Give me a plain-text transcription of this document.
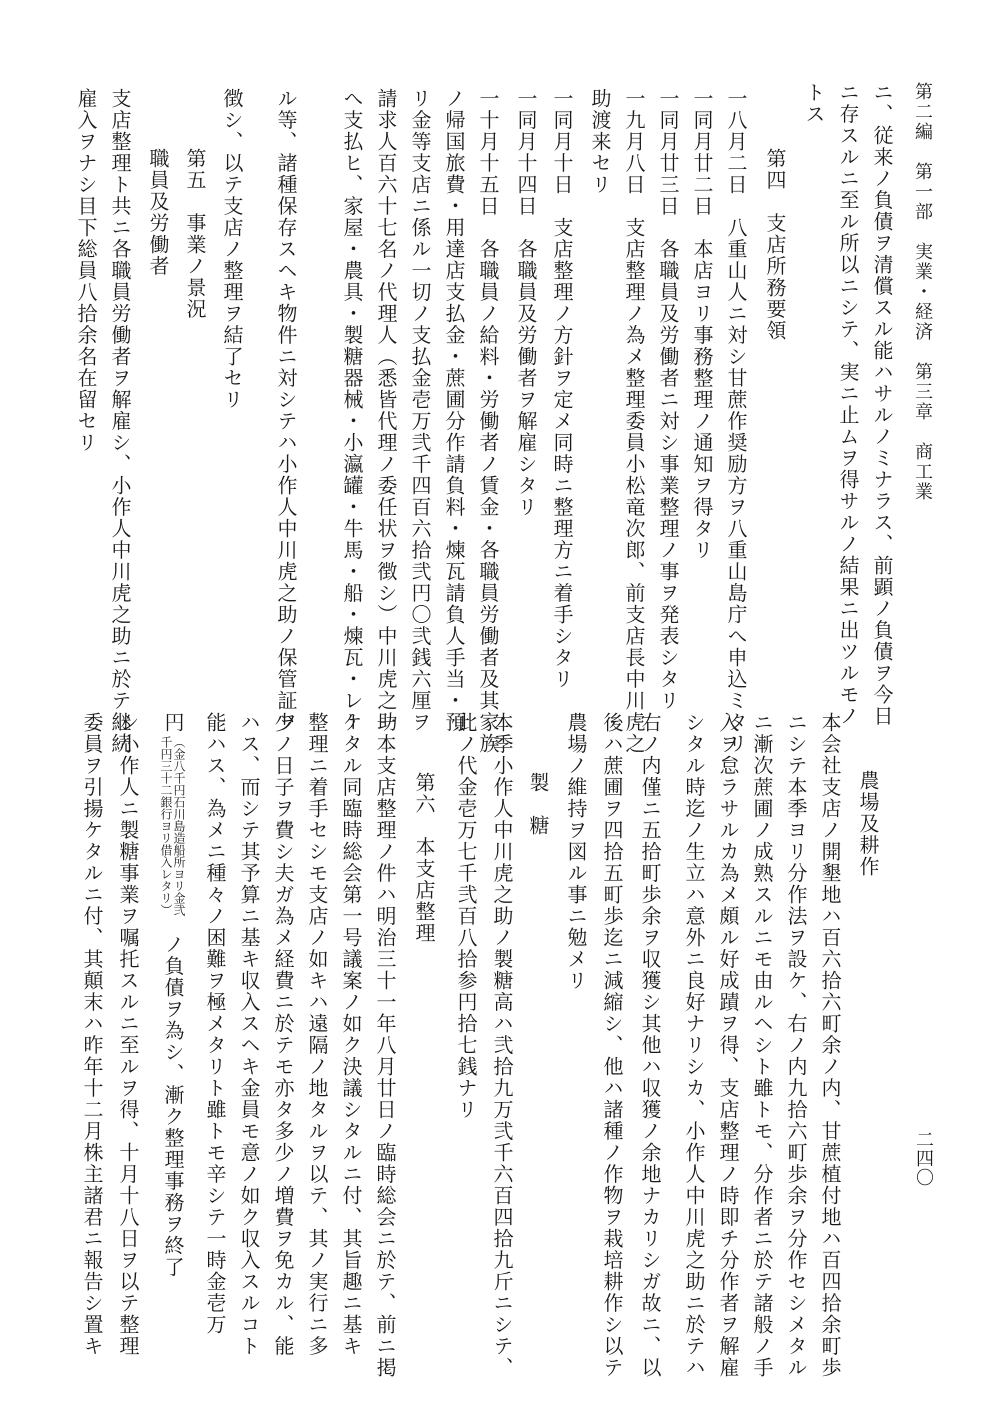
第二編　第一部　実業・経済　第三章　商工業
二四〇
ニ、従来ノ負債ヲ清償スル能ハサルノミナラス、前顕ノ負債ヲ今日
ニ存スルニ至ル所以ニシテ、実ニ止ムヲ得サルノ結果ニ出ツルモノ
トス
第四　支店所務要領
一八月二日　八重山人ニ対シ甘蔗作奨励方ヲ八重山島庁へ申込ミタリ
一同月廿二日　本店ヨリ事務整理ノ通知ヲ得タリ
一同月廿三日　各職員及労働者ニ対シ事業整理ノ事ヲ発表シタリ
一九月八日　支店整理ノ為メ整理委員小松竜次郎、前支店長中川虎之
助渡来セリ
一同月十日　支店整理ノ方針ヲ定メ同時ニ整理方ニ着手シタリ
一同月十四日　各職員及労働者ヲ解雇シタリ
一十月十五日　各職員ノ給料・労働者ノ賃金・各職員労働者及其家族
ノ帰国旅費・用達店支払金・蔗圃分作請負料・煉瓦請負人手当・預
リ金等支店ニ係ル一切ノ支払金壱万弐千四百六拾弐円〇弐銭六厘ヲ
請求人百六十七名ノ代理人（悉皆代理ノ委任状ヲ徴シ）中川虎之助
へ支払ヒ、家屋・農具・製糖器械・小瀛罐・牛馬・船・煉瓦・レー
ル等、諸種保存スヘキ物件ニ対シテハ小作人中川虎之助ノ保管証ヲ
徴シ、以テ支店ノ整理ヲ結了セリ
第五　事業ノ景況
職員及労働者
支店整理ト共ニ各職員労働者ヲ解雇シ、小作人中川虎之助ニ於テ継続
雇入ヲナシ目下総員八拾余名在留セリ
農場及耕作
本会社支店ノ開墾地ハ百六拾六町余ノ内、甘蔗植付地ハ百四拾余町歩
ニシテ本季ヨリ分作法ヲ設ケ、右ノ内九拾六町歩余ヲ分作セシメタル
ニ漸次蔗圃ノ成熟スルニモ由ルヘシト雖トモ、分作者ニ於テ諸般ノ手
入ヲ怠ラサルカ為メ頗ル好成蹟ヲ得、支店整理ノ時即チ分作者ヲ解雇
シタル時迄ノ生立ハ意外ニ良好ナリシカ、小作人中川虎之助ニ於テハ
右ノ内僅ニ五拾町歩余ヲ収獲シ其他ハ収獲ノ余地ナカリシガ故ニ、以
後ハ蔗圃ヲ四拾五町歩迄ニ減縮シ、他ハ諸種ノ作物ヲ栽培耕作シ以テ
農場ノ維持ヲ図ル事ニ勉メリ
製　糖
本季小作人中川虎之助ノ製糖高ハ弐拾九万弐千六百四拾九斤ニシテ、
此ノ代金壱万七千弐百八拾参円拾七銭ナリ
第六　本支店整理
一本支店整理ノ件ハ明治三十一年八月廿日ノ臨時総会ニ於テ、前ニ掲
ケタル同臨時総会第一号議案ノ如ク決議シタルニ付、其旨趣ニ基キ
整理ニ着手セシモ支店ノ如キハ遠隔ノ地タルヲ以テ、其ノ実行ニ多
少ノ日子ヲ費シ夫ガ為メ経費ニ於テモ亦タ多少ノ増費ヲ免カル、能
ハス、而シテ其予算ニ基キ収入スヘキ金員モ意ノ如ク収入スルコト
能ハス、為メニ種々ノ困難ヲ極メタリト雖トモ辛シテ一時金壱万
円
（金八千円石川島造船所ヨリ金弐
千円三十二銀行ヨリ借入レタリ）
ノ負債ヲ為シ、漸ク整理事務ヲ終了
シ小作人ニ製糖事業ヲ嘱托スルニ至ルヲ得、十月十八日ヲ以テ整理
委員ヲ引揚ケタルニ付、其顛末ハ昨年十二月株主諸君ニ報告シ置キ
